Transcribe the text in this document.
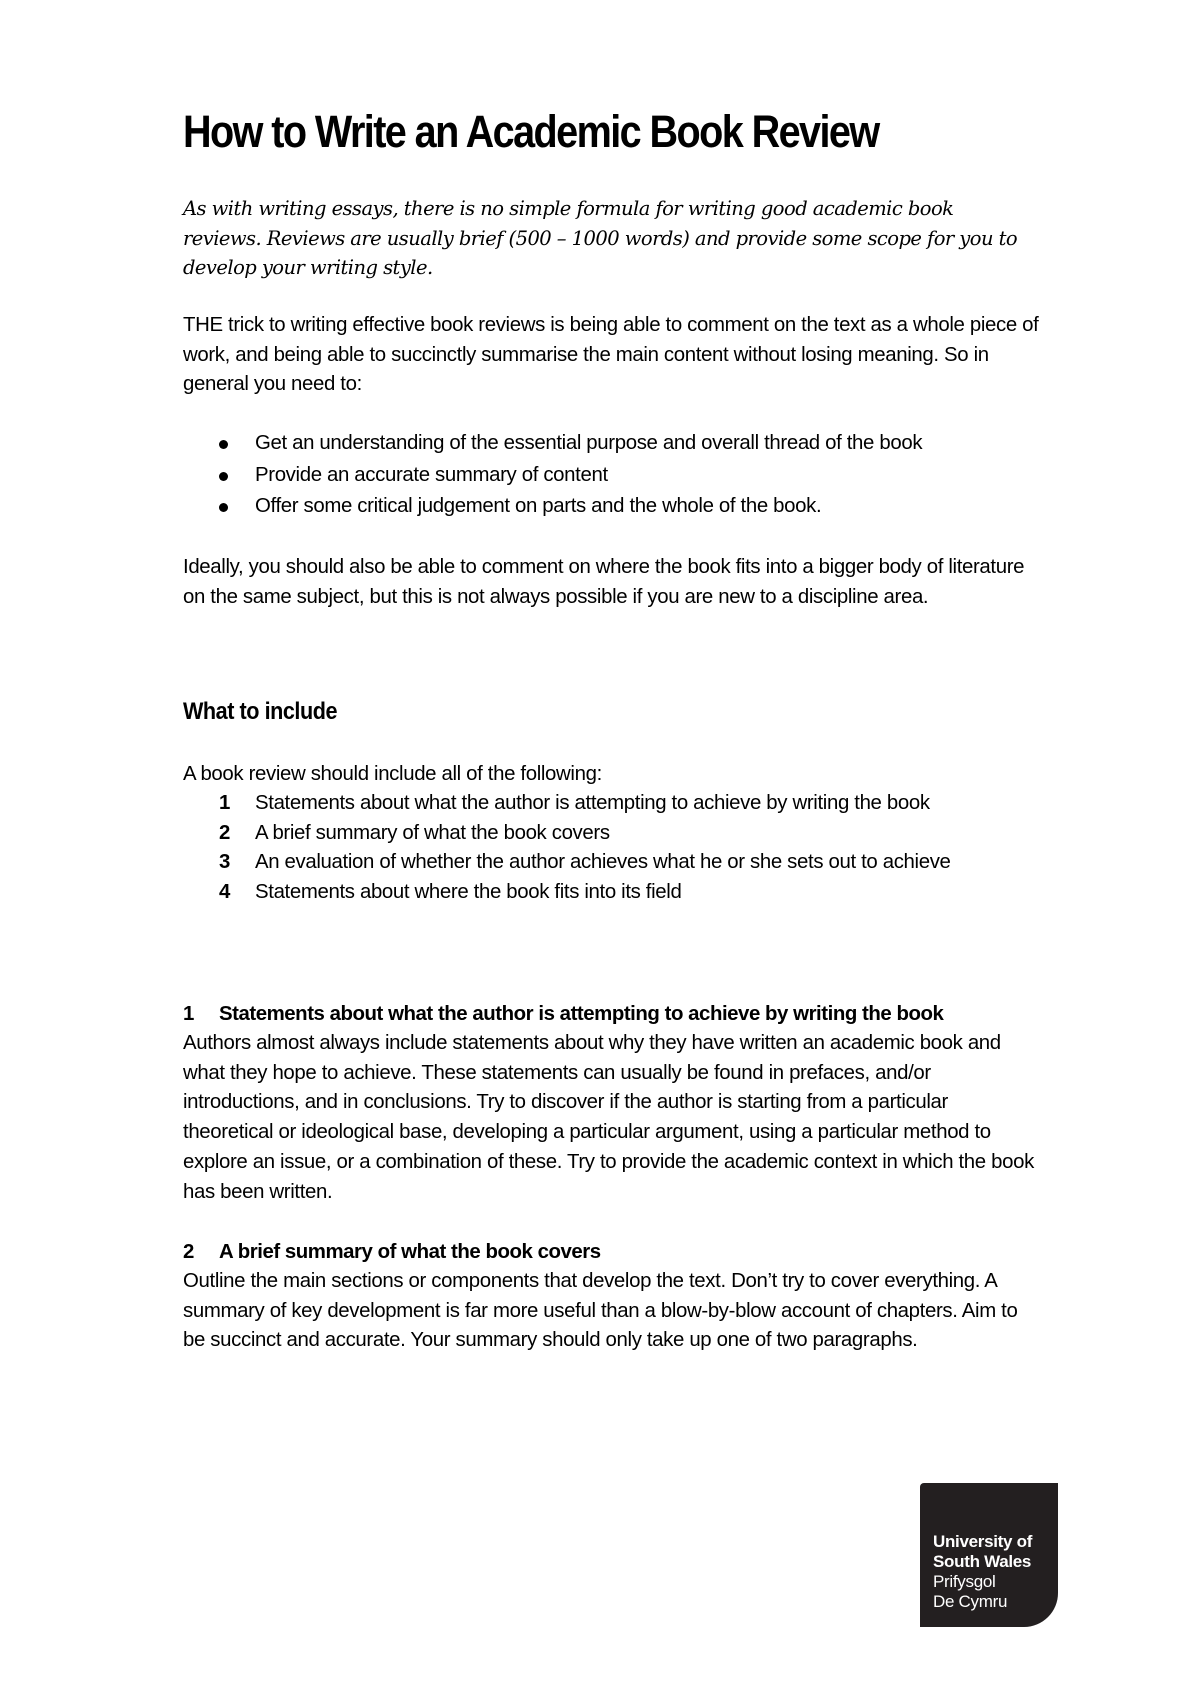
How to Write an Academic Book Review

As with writing essays, there is no simple formula for writing good academic book reviews. Reviews are usually brief (500 – 1000 words) and provide some scope for you to develop your writing style.

THE trick to writing effective book reviews is being able to comment on the text as a whole piece of work, and being able to succinctly summarise the main content without losing meaning. So in general you need to:

Get an understanding of the essential purpose and overall thread of the book
Provide an accurate summary of content
Offer some critical judgement on parts and the whole of the book.

Ideally, you should also be able to comment on where the book fits into a bigger body of literature on the same subject, but this is not always possible if you are new to a discipline area.

What to include

A book review should include all of the following:

1 Statements about what the author is attempting to achieve by writing the book
2 A brief summary of what the book covers
3 An evaluation of whether the author achieves what he or she sets out to achieve
4 Statements about where the book fits into its field
1 Statements about what the author is attempting to achieve by writing the book

Authors almost always include statements about why they have written an academic book and what they hope to achieve. These statements can usually be found in prefaces, and/or introductions, and in conclusions. Try to discover if the author is starting from a particular theoretical or ideological base, developing a particular argument, using a particular method to explore an issue, or a combination of these. Try to provide the academic context in which the book has been written.

2 A brief summary of what the book covers

Outline the main sections or components that develop the text. Don’t try to cover everything. A summary of key development is far more useful than a blow-by-blow account of chapters. Aim to be succinct and accurate. Your summary should only take up one of two paragraphs.

University of
South Wales
Prifysgol
De Cymru
